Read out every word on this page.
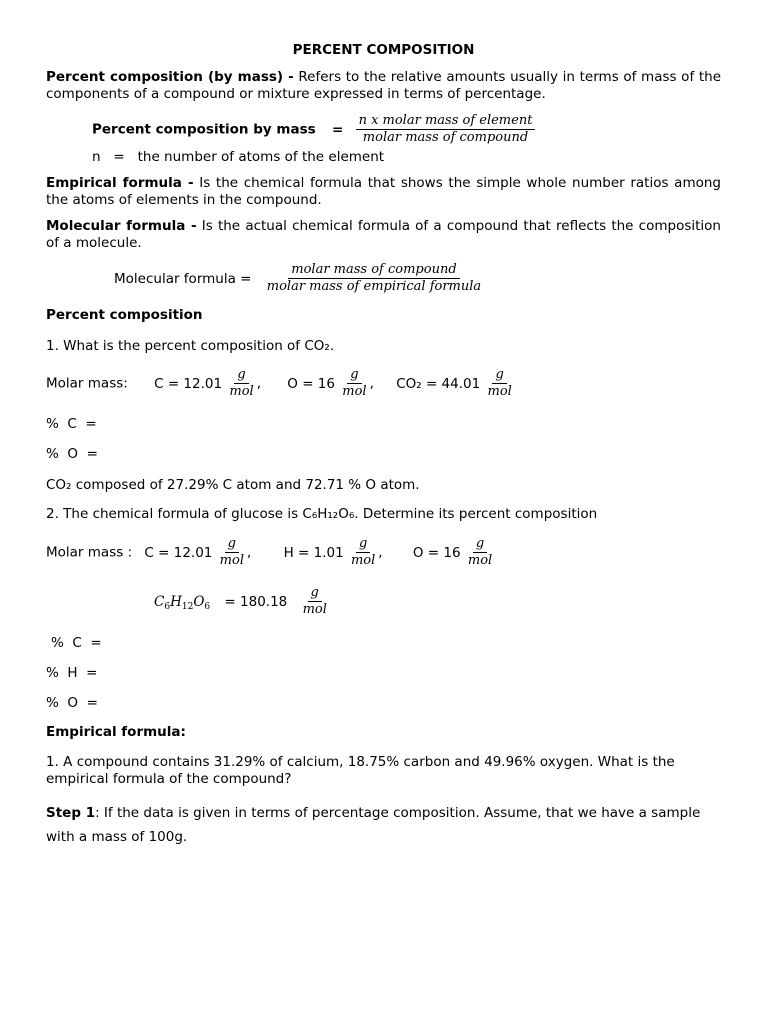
PERCENT COMPOSITION
Percent composition (by mass) - Refers to the relative amounts usually in terms of mass of the components of a compound or mixture expressed in terms of percentage.
Percent composition by mass = $\frac{\text{n x molar mass of element}}{\text{molar mass of compound}}$
n   =   the number of atoms of the element
Empirical formula - Is the chemical formula that shows the simple whole number ratios among the atoms of elements in the compound.
Molecular formula - Is the actual chemical formula of a compound that reflects the composition of a molecule.
Molecular formula = $\frac{\text{molar mass of compound}}{\text{molar mass of empirical formula}}$
Percent composition
1. What is the percent composition of CO₂.
Molar mass: $C = 12.01 \frac{g}{\text{mol}}$ , $O = 16 \frac{g}{\text{mol}}$ , $CO_2 = 44.01 \frac{g}{\text{mol}}$
%  C  =
%  O  =
CO₂ composed of 27.29% C atom and 72.71 % O atom.
2. The chemical formula of glucose is C₆H₁₂O₆. Determine its percent composition
Molar mass : $C = 12.01 \frac{g}{\text{mol}}$ , $H = 1.01 \frac{g}{\text{mol}}$ , $O = 16 \frac{g}{\text{mol}}$
$C_6H_{12}O_6 = 180.18 \frac{g}{\text{mol}}$
%  C  =
%  H  =
%  O  =
Empirical formula:
1. A compound contains 31.29% of calcium, 18.75% carbon and 49.96% oxygen. What is the empirical formula of the compound?
Step 1: If the data is given in terms of percentage composition. Assume, that we have a sample with a mass of 100g.
